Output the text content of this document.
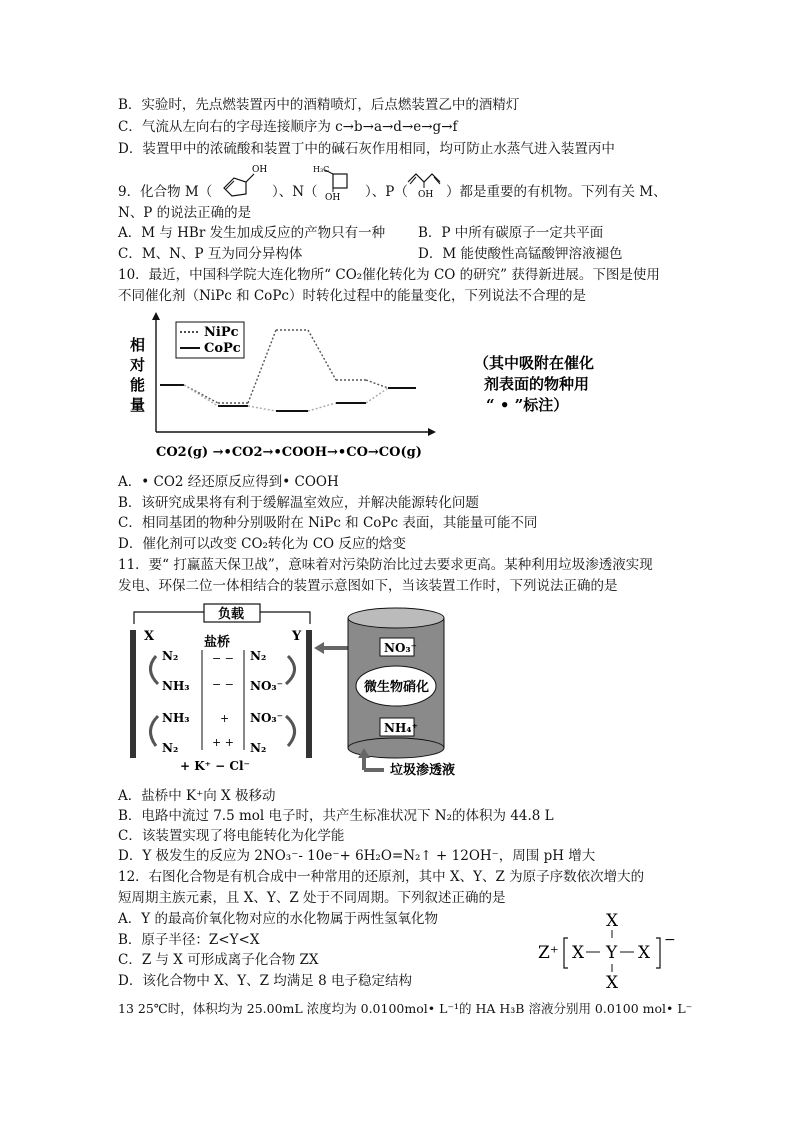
B．实验时，先点燃装置丙中的酒精喷灯，后点燃装置乙中的酒精灯
C．气流从左向右的字母连接顺序为 c→b→a→d→e→g→f
D．装置甲中的浓硫酸和装置丁中的碱石灰作用相同，均可防止水蒸气进入装置丙中
9．化合物 M（
OH
）、N（
H₃C
OH ）、P（ OH ）都是重要的有机物。下列有关 M、
N、P 的说法正确的是
A．M 与 HBr 发生加成反应的产物只有一种 B．P 中所有碳原子一定共平面
C．M、N、P 互为同分异构体	D．M 能使酸性高锰酸钾溶液褪色
10．最近，中国科学院大连化物所“ CO₂催化转化为 CO 的研究” 获得新进展。下图是使用
不同催化剂（NiPc 和 CoPc）时转化过程中的能量变化，下列说法不合理的是
相
对
能
量
NiPc
CoPc
CO2(g) →•CO2→•COOH→•CO→CO(g)
（其中吸附在催化
剂表面的物种用
“ • ”标注）
A．• CO2 经还原反应得到• COOH
B．该研究成果将有利于缓解温室效应，并解决能源转化问题
C．相同基团的物种分别吸附在 NiPc 和 CoPc 表面，其能量可能不同
D．催化剂可以改变 CO₂转化为 CO 反应的焓变
11．要“ 打赢蓝天保卫战”，意味着对污染防治比过去要求更高。某种利用垃圾渗透液实现
发电、环保二位一体相结合的装置示意图如下，当该装置工作时，下列说法正确的是
负载
X	Y
盐桥
− −
− −
+
+ +
N₂
NH₃
NH₃
N₂
N₂
NO₃⁻
NO₃⁻
N₂
+ K⁺ − Cl⁻
NO₃⁻
微生物硝化
NH₄⁺
垃圾渗透液
A．盐桥中 K⁺向 X 极移动
B．电路中流过 7.5 mol 电子时，共产生标准状况下 N₂的体积为 44.8 L
C．该装置实现了将电能转化为化学能
D．Y 极发生的反应为 2NO₃⁻- 10e⁻+ 6H₂O=N₂↑ + 12OH⁻，周围 pH 增大
12．右图化合物是有机合成中一种常用的还原剂，其中 X、Y、Z 为原子序数依次增大的
短周期主族元素，且 X、Y、Z 处于不同周期。下列叙述正确的是
A．Y 的最高价氧化物对应的水化物属于两性氢氧化物
B．原子半径：Z<Y<X
C．Z 与 X 可形成离子化合物 ZX
D．该化合物中 X、Y、Z 均满足 8 电子稳定结构
Z⁺
X
X Y X
X
−
13 25℃时，体积均为 25.00mL 浓度均为 0.0100mol• L⁻¹的 HA H₃B 溶液分别用 0.0100 mol• L⁻
